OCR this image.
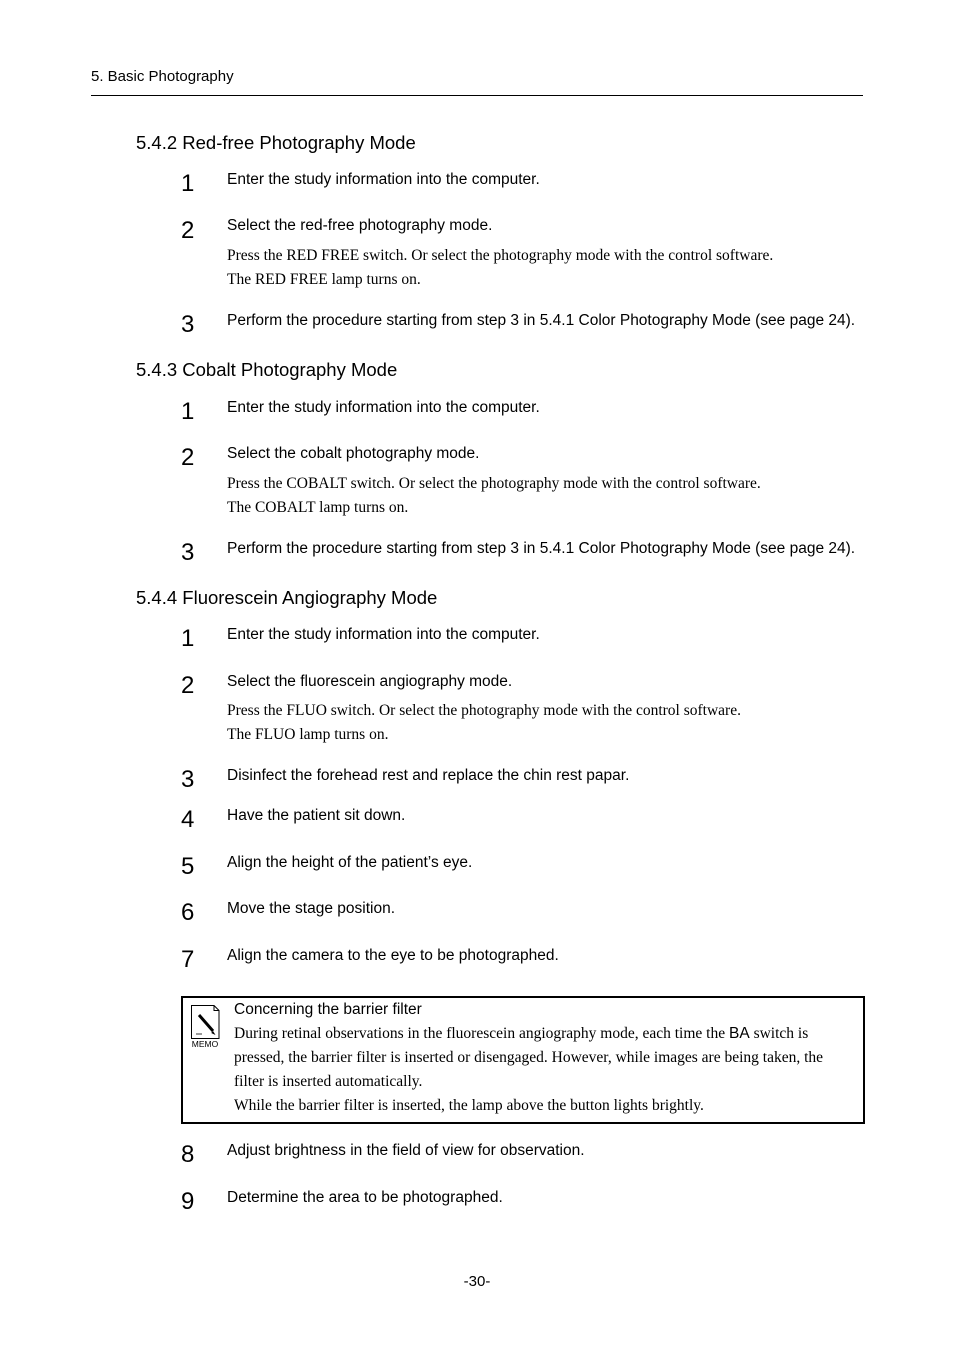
5. Basic Photography
5.4.2 Red-free Photography Mode
1 Enter the study information into the computer.
2 Select the red-free photography mode.
Press the RED FREE switch. Or select the photography mode with the control software.
The RED FREE lamp turns on.
3 Perform the procedure starting from step 3 in 5.4.1 Color Photography Mode (see page 24).
5.4.3 Cobalt Photography Mode
1 Enter the study information into the computer.
2 Select the cobalt photography mode.
Press the COBALT switch. Or select the photography mode with the control software.
The COBALT lamp turns on.
3 Perform the procedure starting from step 3 in 5.4.1 Color Photography Mode (see page 24).
5.4.4 Fluorescein Angiography Mode
1 Enter the study information into the computer.
2 Select the fluorescein angiography mode.
Press the FLUO switch. Or select the photography mode with the control software.
The FLUO lamp turns on.
3 Disinfect the forehead rest and replace the chin rest papar.
4 Have the patient sit down.
5 Align the height of the patient’s eye.
6 Move the stage position.
7 Align the camera to the eye to be photographed.
MEMO
Concerning the barrier filter
During retinal observations in the fluorescein angiography mode, each time the BA switch is
pressed, the barrier filter is inserted or disengaged. However, while images are being taken, the
filter is inserted automatically.
While the barrier filter is inserted, the lamp above the button lights brightly.
8 Adjust brightness in the field of view for observation.
9 Determine the area to be photographed.
-30-
